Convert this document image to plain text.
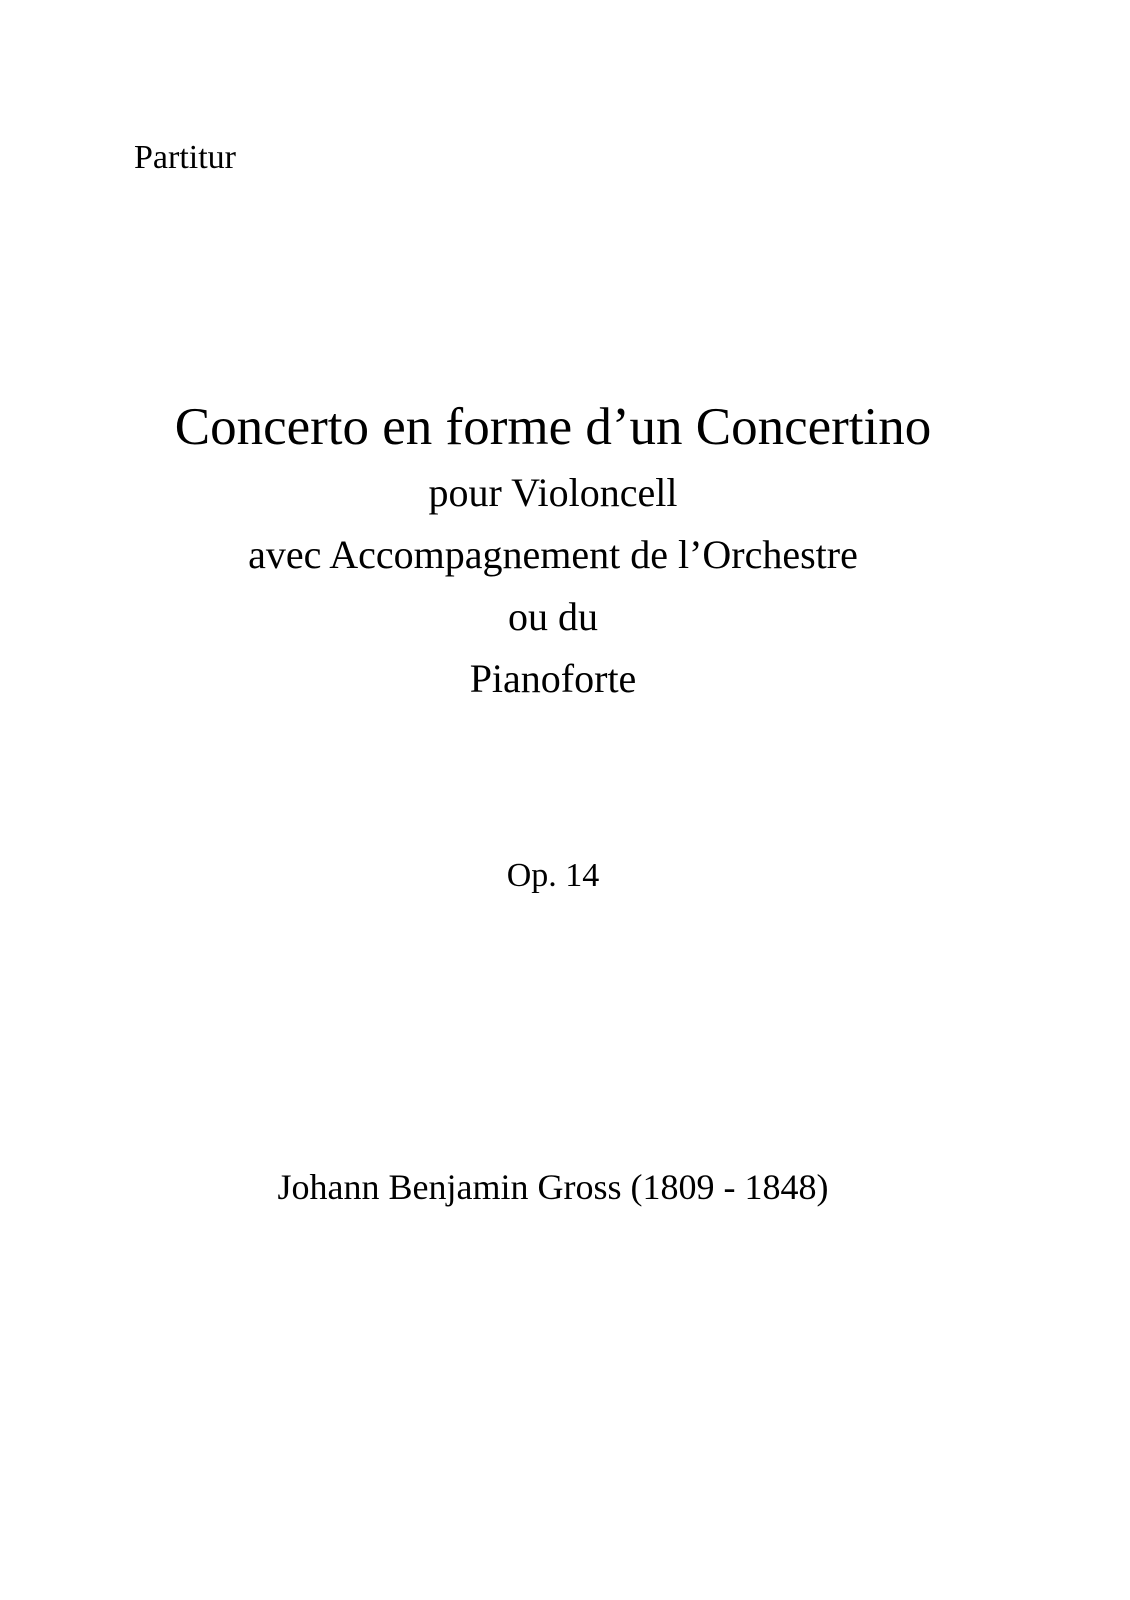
Partitur
Concerto en forme d’un Concertino
pour Violoncell
avec Accompagnement de l’Orchestre
ou du
Pianoforte
Op. 14
Johann Benjamin Gross (1809 - 1848)
